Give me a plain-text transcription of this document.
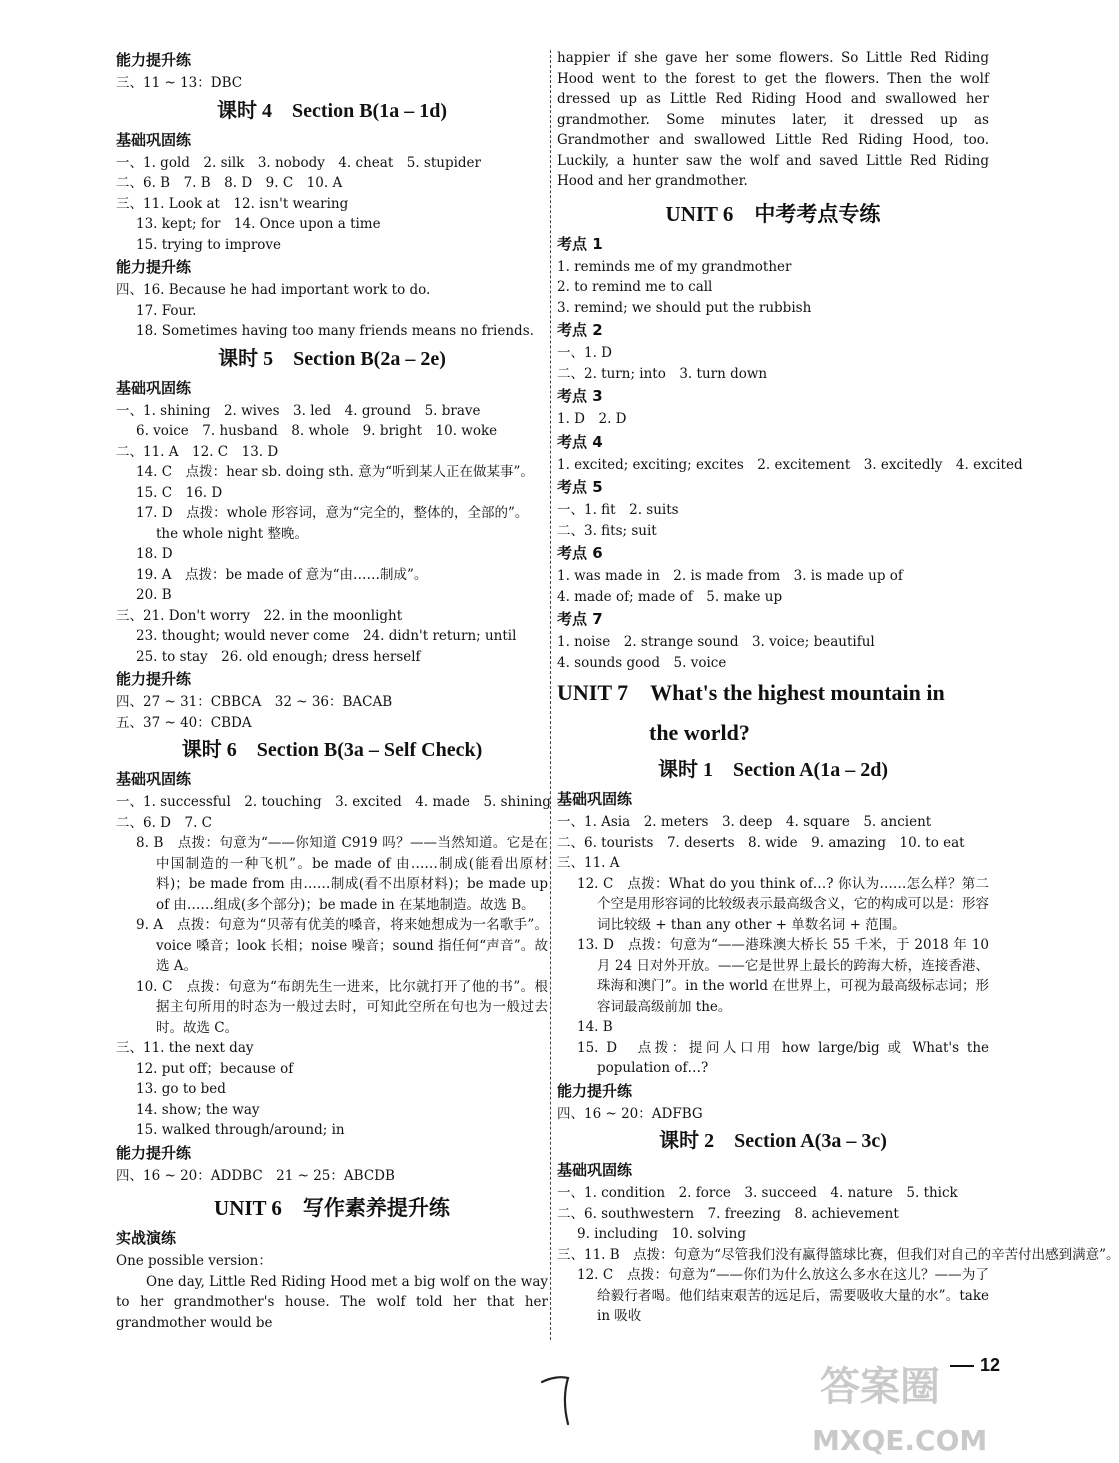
能力提升练
三、11 ~ 13：DBC
课时 4　Section B(1a – 1d)
基础巩固练
一、1. gold　2. silk　3. nobody　4. cheat　5. stupider
二、6. B　7. B　8. D　9. C　10. A
三、11. Look at　12. isn't wearing
13. kept; for　14. Once upon a time
15. trying to improve
能力提升练
四、16. Because he had important work to do.
17. Four.
18. Sometimes having too many friends means no friends.
课时 5　Section B(2a – 2e)
基础巩固练
一、1. shining　2. wives　3. led　4. ground　5. brave
6. voice　7. husband　8. whole　9. bright　10. woke
二、11. A　12. C　13. D
14. C　点拨：hear sb. doing sth. 意为“听到某人正在做某事”。
15. C　16. D
17. D　点拨：whole 形容词，意为“完全的，整体的，全部的”。
the whole night 整晚。
18. D
19. A　点拨：be made of 意为“由……制成”。
20. B
三、21. Don't worry　22. in the moonlight
23. thought; would never come　24. didn't return; until
25. to stay　26. old enough; dress herself
能力提升练
四、27 ~ 31：CBBCA　32 ~ 36：BACAB
五、37 ~ 40：CBDA
课时 6　Section B(3a – Self Check)
基础巩固练
一、1. successful　2. touching　3. excited　4. made　5. shining
二、6. D　7. C
8. B　点拨：句意为“——你知道 C919 吗？——当然知道。它是在中国制造的一种飞机”。be made of 由……制成(能看出原材料)；be made from 由……制成(看不出原材料)；be made up of 由……组成(多个部分)；be made in 在某地制造。故选 B。
9. A　点拨：句意为“贝蒂有优美的嗓音，将来她想成为一名歌手”。voice 嗓音；look 长相；noise 噪音；sound 指任何“声音”。故选 A。
10. C　点拨：句意为“布朗先生一进来，比尔就打开了他的书”。根据主句所用的时态为一般过去时，可知此空所在句也为一般过去时。故选 C。
三、11. the next day
12. put off；because of
13. go to bed
14. show; the way
15. walked through/around; in
能力提升练
四、16 ~ 20：ADDBC　21 ~ 25：ABCDB
UNIT 6　写作素养提升练
实战演练
One possible version：
One day, Little Red Riding Hood met a big wolf on the way to her grandmother's house. The wolf told her that her grandmother would be
happier if she gave her some flowers. So Little Red Riding Hood went to the forest to get the flowers. Then the wolf dressed up as Little Red Riding Hood and swallowed her grandmother. Some minutes later, it dressed up as Grandmother and swallowed Little Red Riding Hood, too. Luckily, a hunter saw the wolf and saved Little Red Riding Hood and her grandmother.
UNIT 6　中考考点专练
考点 1
1. reminds me of my grandmother
2. to remind me to call
3. remind; we should put the rubbish
考点 2
一、1. D
二、2. turn; into　3. turn down
考点 3
1. D　2. D
考点 4
1. excited; exciting; excites　2. excitement　3. excitedly　4. excited
考点 5
一、1. fit　2. suits
二、3. fits; suit
考点 6
1. was made in　2. is made from　3. is made up of
4. made of; made of　5. make up
考点 7
1. noise　2. strange sound　3. voice; beautiful
4. sounds good　5. voice
UNIT 7　What's the highest mountain in
the world?
课时 1　Section A(1a – 2d)
基础巩固练
一、1. Asia　2. meters　3. deep　4. square　5. ancient
二、6. tourists　7. deserts　8. wide　9. amazing　10. to eat
三、11. A
12. C　点拨：What do you think of…? 你认为……怎么样？第二个空是用形容词的比较级表示最高级含义，它的构成可以是：形容词比较级 + than any other + 单数名词 + 范围。
13. D　点拨：句意为“——港珠澳大桥长 55 千米，于 2018 年 10 月 24 日对外开放。——它是世界上最长的跨海大桥，连接香港、珠海和澳门”。in the world 在世界上，可视为最高级标志词；形容词最高级前加 the。
14. B
15. D　点拨：提问人口用 how large/big 或 What's the population of…?
能力提升练
四、16 ~ 20：ADFBG
课时 2　Section A(3a – 3c)
基础巩固练
一、1. condition　2. force　3. succeed　4. nature　5. thick
二、6. southwestern　7. freezing　8. achievement
9. including　10. solving
三、11. B　点拨：句意为“尽管我们没有赢得篮球比赛，但我们对自己的辛苦付出感到满意”。
12. C　点拨：句意为“——你们为什么放这么多水在这儿？——为了给毅行者喝。他们结束艰苦的远足后，需要吸收大量的水”。take in 吸收
12
答案圈
MXQE.COM
